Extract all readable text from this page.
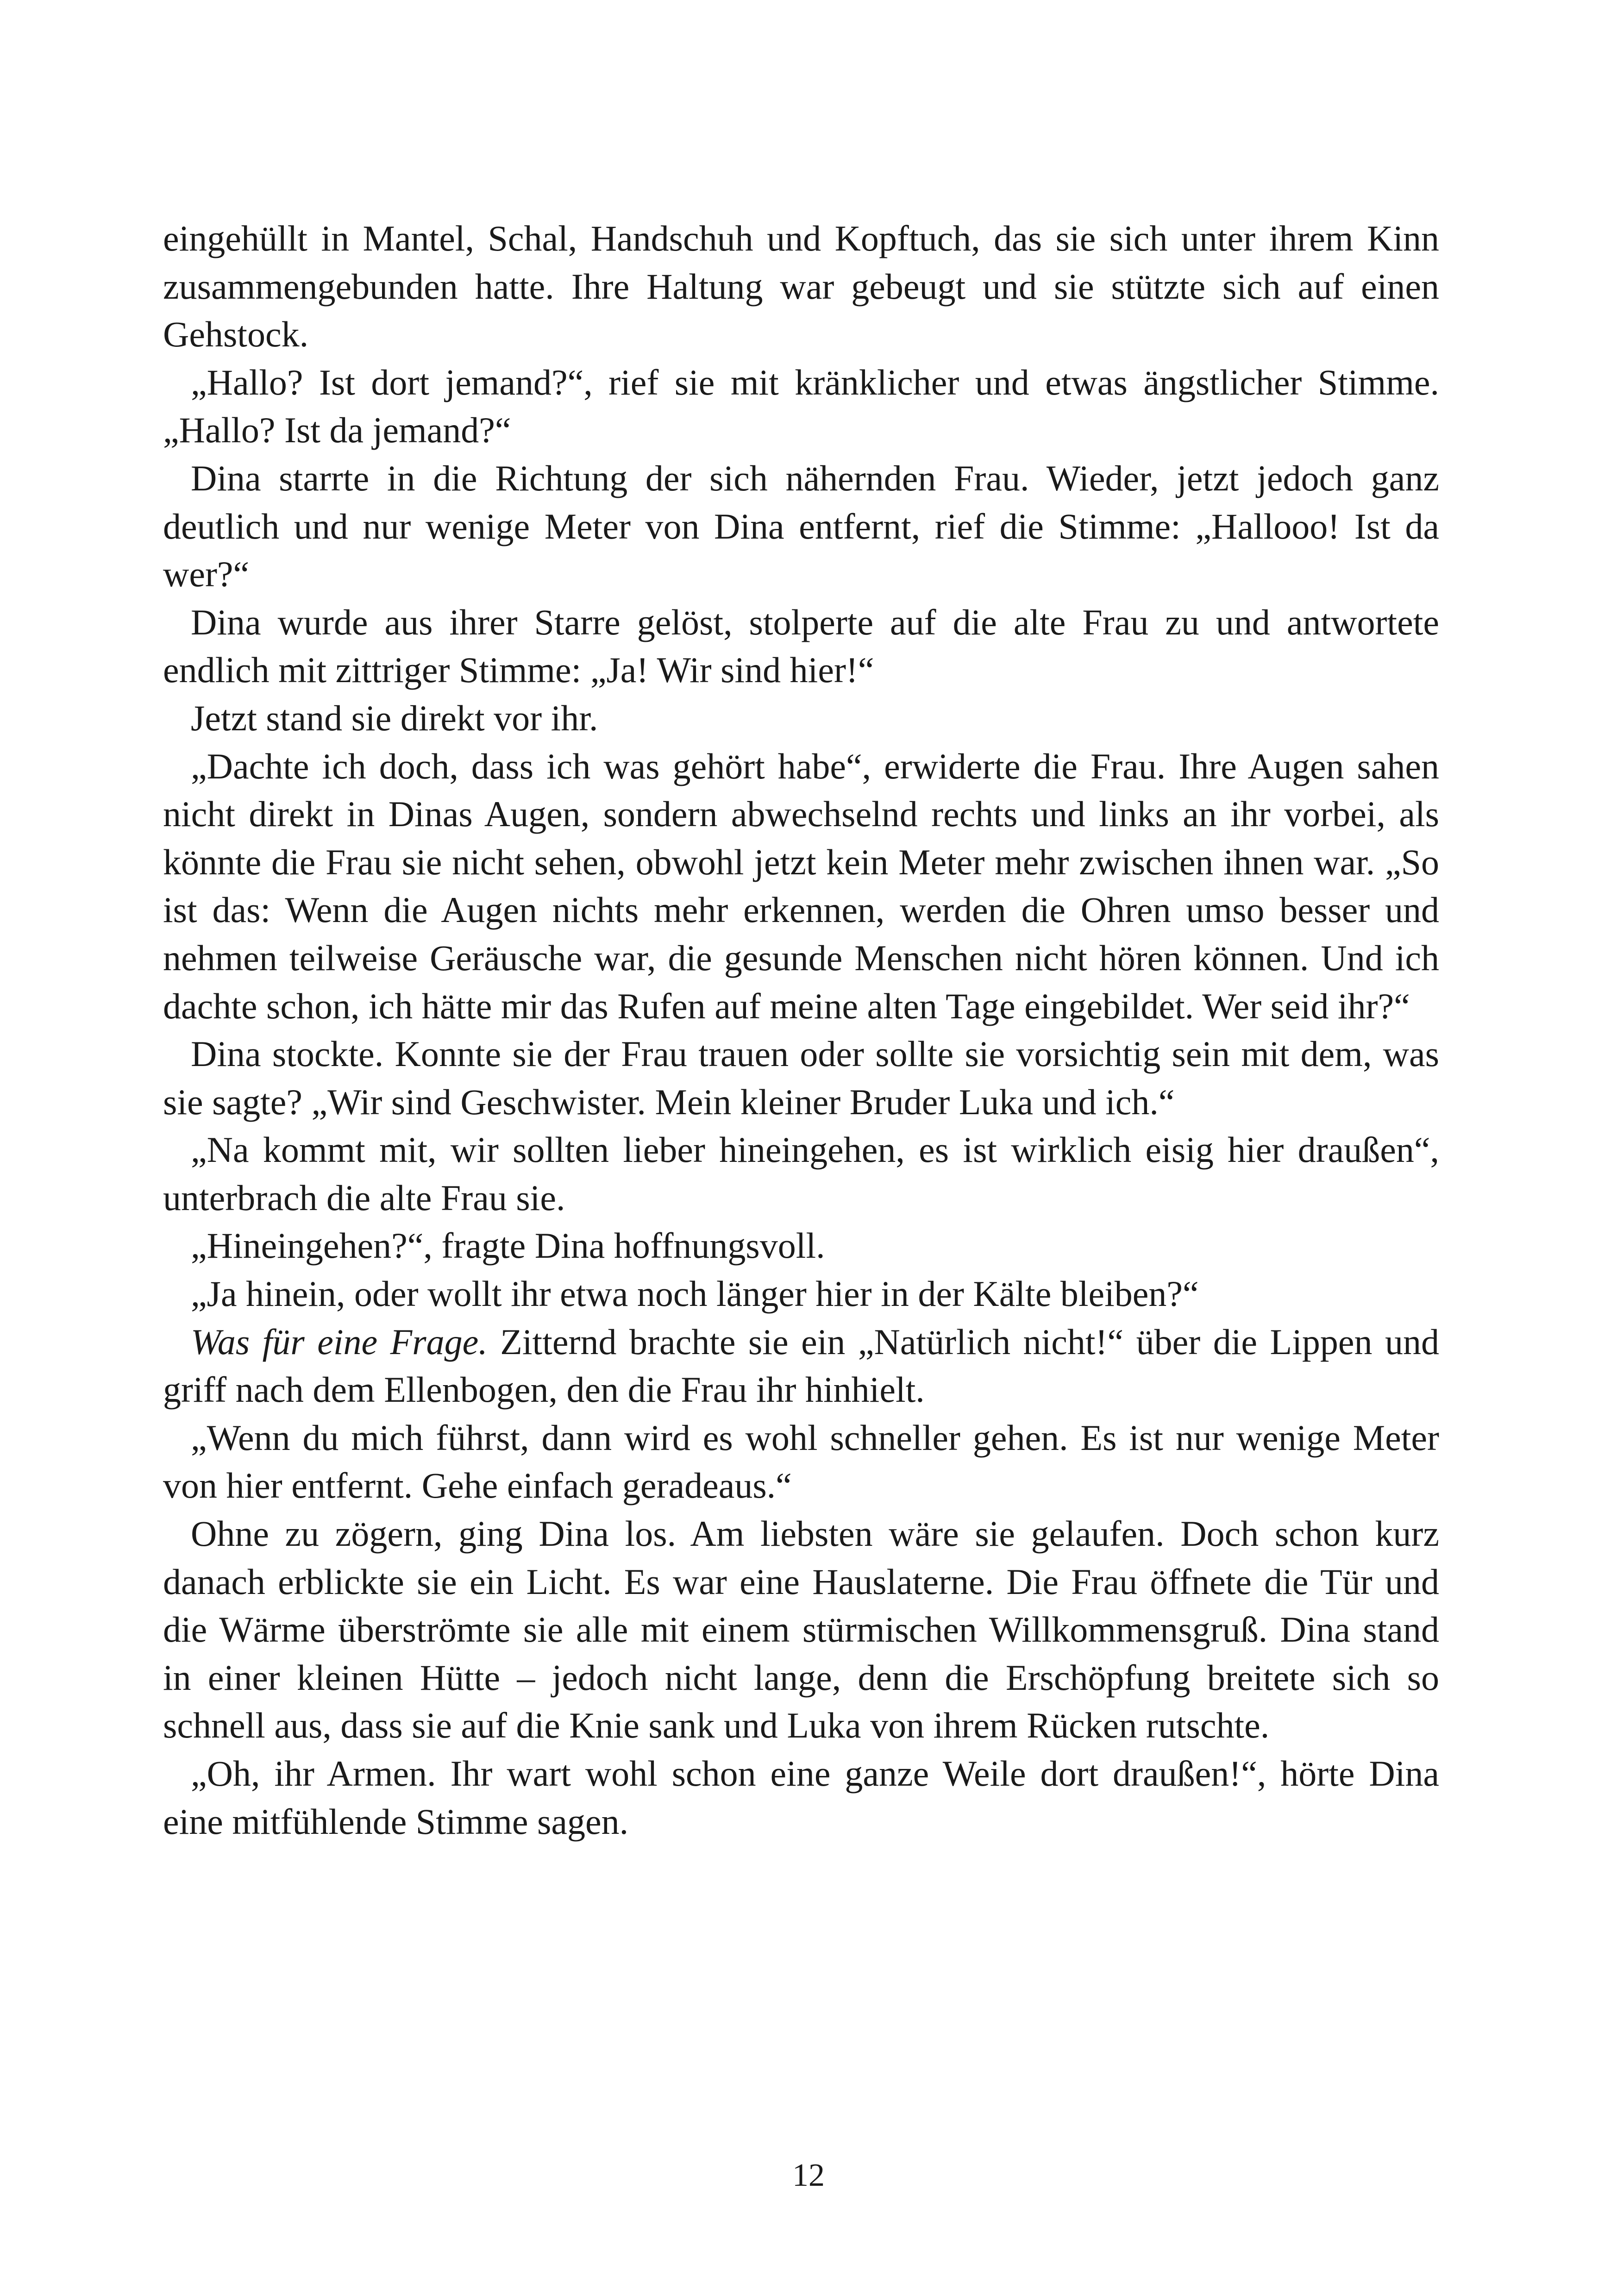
eingehüllt in Mantel, Schal, Handschuh und Kopftuch, das sie sich unter ihrem Kinn zusammengebunden hatte. Ihre Haltung war gebeugt und sie stützte sich auf einen Gehstock.

„Hallo? Ist dort jemand?“, rief sie mit kränklicher und etwas ängstlicher Stimme. „Hallo? Ist da jemand?“

Dina starrte in die Richtung der sich nähernden Frau. Wieder, jetzt jedoch ganz deutlich und nur wenige Meter von Dina entfernt, rief die Stimme: „Hallooo! Ist da wer?“

Dina wurde aus ihrer Starre gelöst, stolperte auf die alte Frau zu und antwortete endlich mit zittriger Stimme: „Ja! Wir sind hier!“

Jetzt stand sie direkt vor ihr.

„Dachte ich doch, dass ich was gehört habe“, erwiderte die Frau. Ihre Augen sahen nicht direkt in Dinas Augen, sondern abwechselnd rechts und links an ihr vorbei, als könnte die Frau sie nicht sehen, obwohl jetzt kein Meter mehr zwischen ihnen war. „So ist das: Wenn die Augen nichts mehr erkennen, werden die Ohren umso besser und nehmen teilweise Geräusche war, die gesunde Menschen nicht hören können. Und ich dachte schon, ich hätte mir das Rufen auf meine alten Tage eingebildet. Wer seid ihr?“

Dina stockte. Konnte sie der Frau trauen oder sollte sie vorsichtig sein mit dem, was sie sagte? „Wir sind Geschwister. Mein kleiner Bruder Luka und ich.“

„Na kommt mit, wir sollten lieber hineingehen, es ist wirklich eisig hier draußen“, unterbrach die alte Frau sie.

„Hineingehen?“, fragte Dina hoffnungsvoll.

„Ja hinein, oder wollt ihr etwa noch länger hier in der Kälte bleiben?“

Was für eine Frage. Zitternd brachte sie ein „Natürlich nicht!“ über die Lippen und griff nach dem Ellenbogen, den die Frau ihr hinhielt.

„Wenn du mich führst, dann wird es wohl schneller gehen. Es ist nur wenige Meter von hier entfernt. Gehe einfach geradeaus.“

Ohne zu zögern, ging Dina los. Am liebsten wäre sie gelaufen. Doch schon kurz danach erblickte sie ein Licht. Es war eine Hauslaterne. Die Frau öffnete die Tür und die Wärme überströmte sie alle mit einem stürmischen Willkommensgruß. Dina stand in einer kleinen Hütte – jedoch nicht lange, denn die Erschöpfung breitete sich so schnell aus, dass sie auf die Knie sank und Luka von ihrem Rücken rutschte.

„Oh, ihr Armen. Ihr wart wohl schon eine ganze Weile dort draußen!“, hörte Dina eine mitfühlende Stimme sagen.

12
